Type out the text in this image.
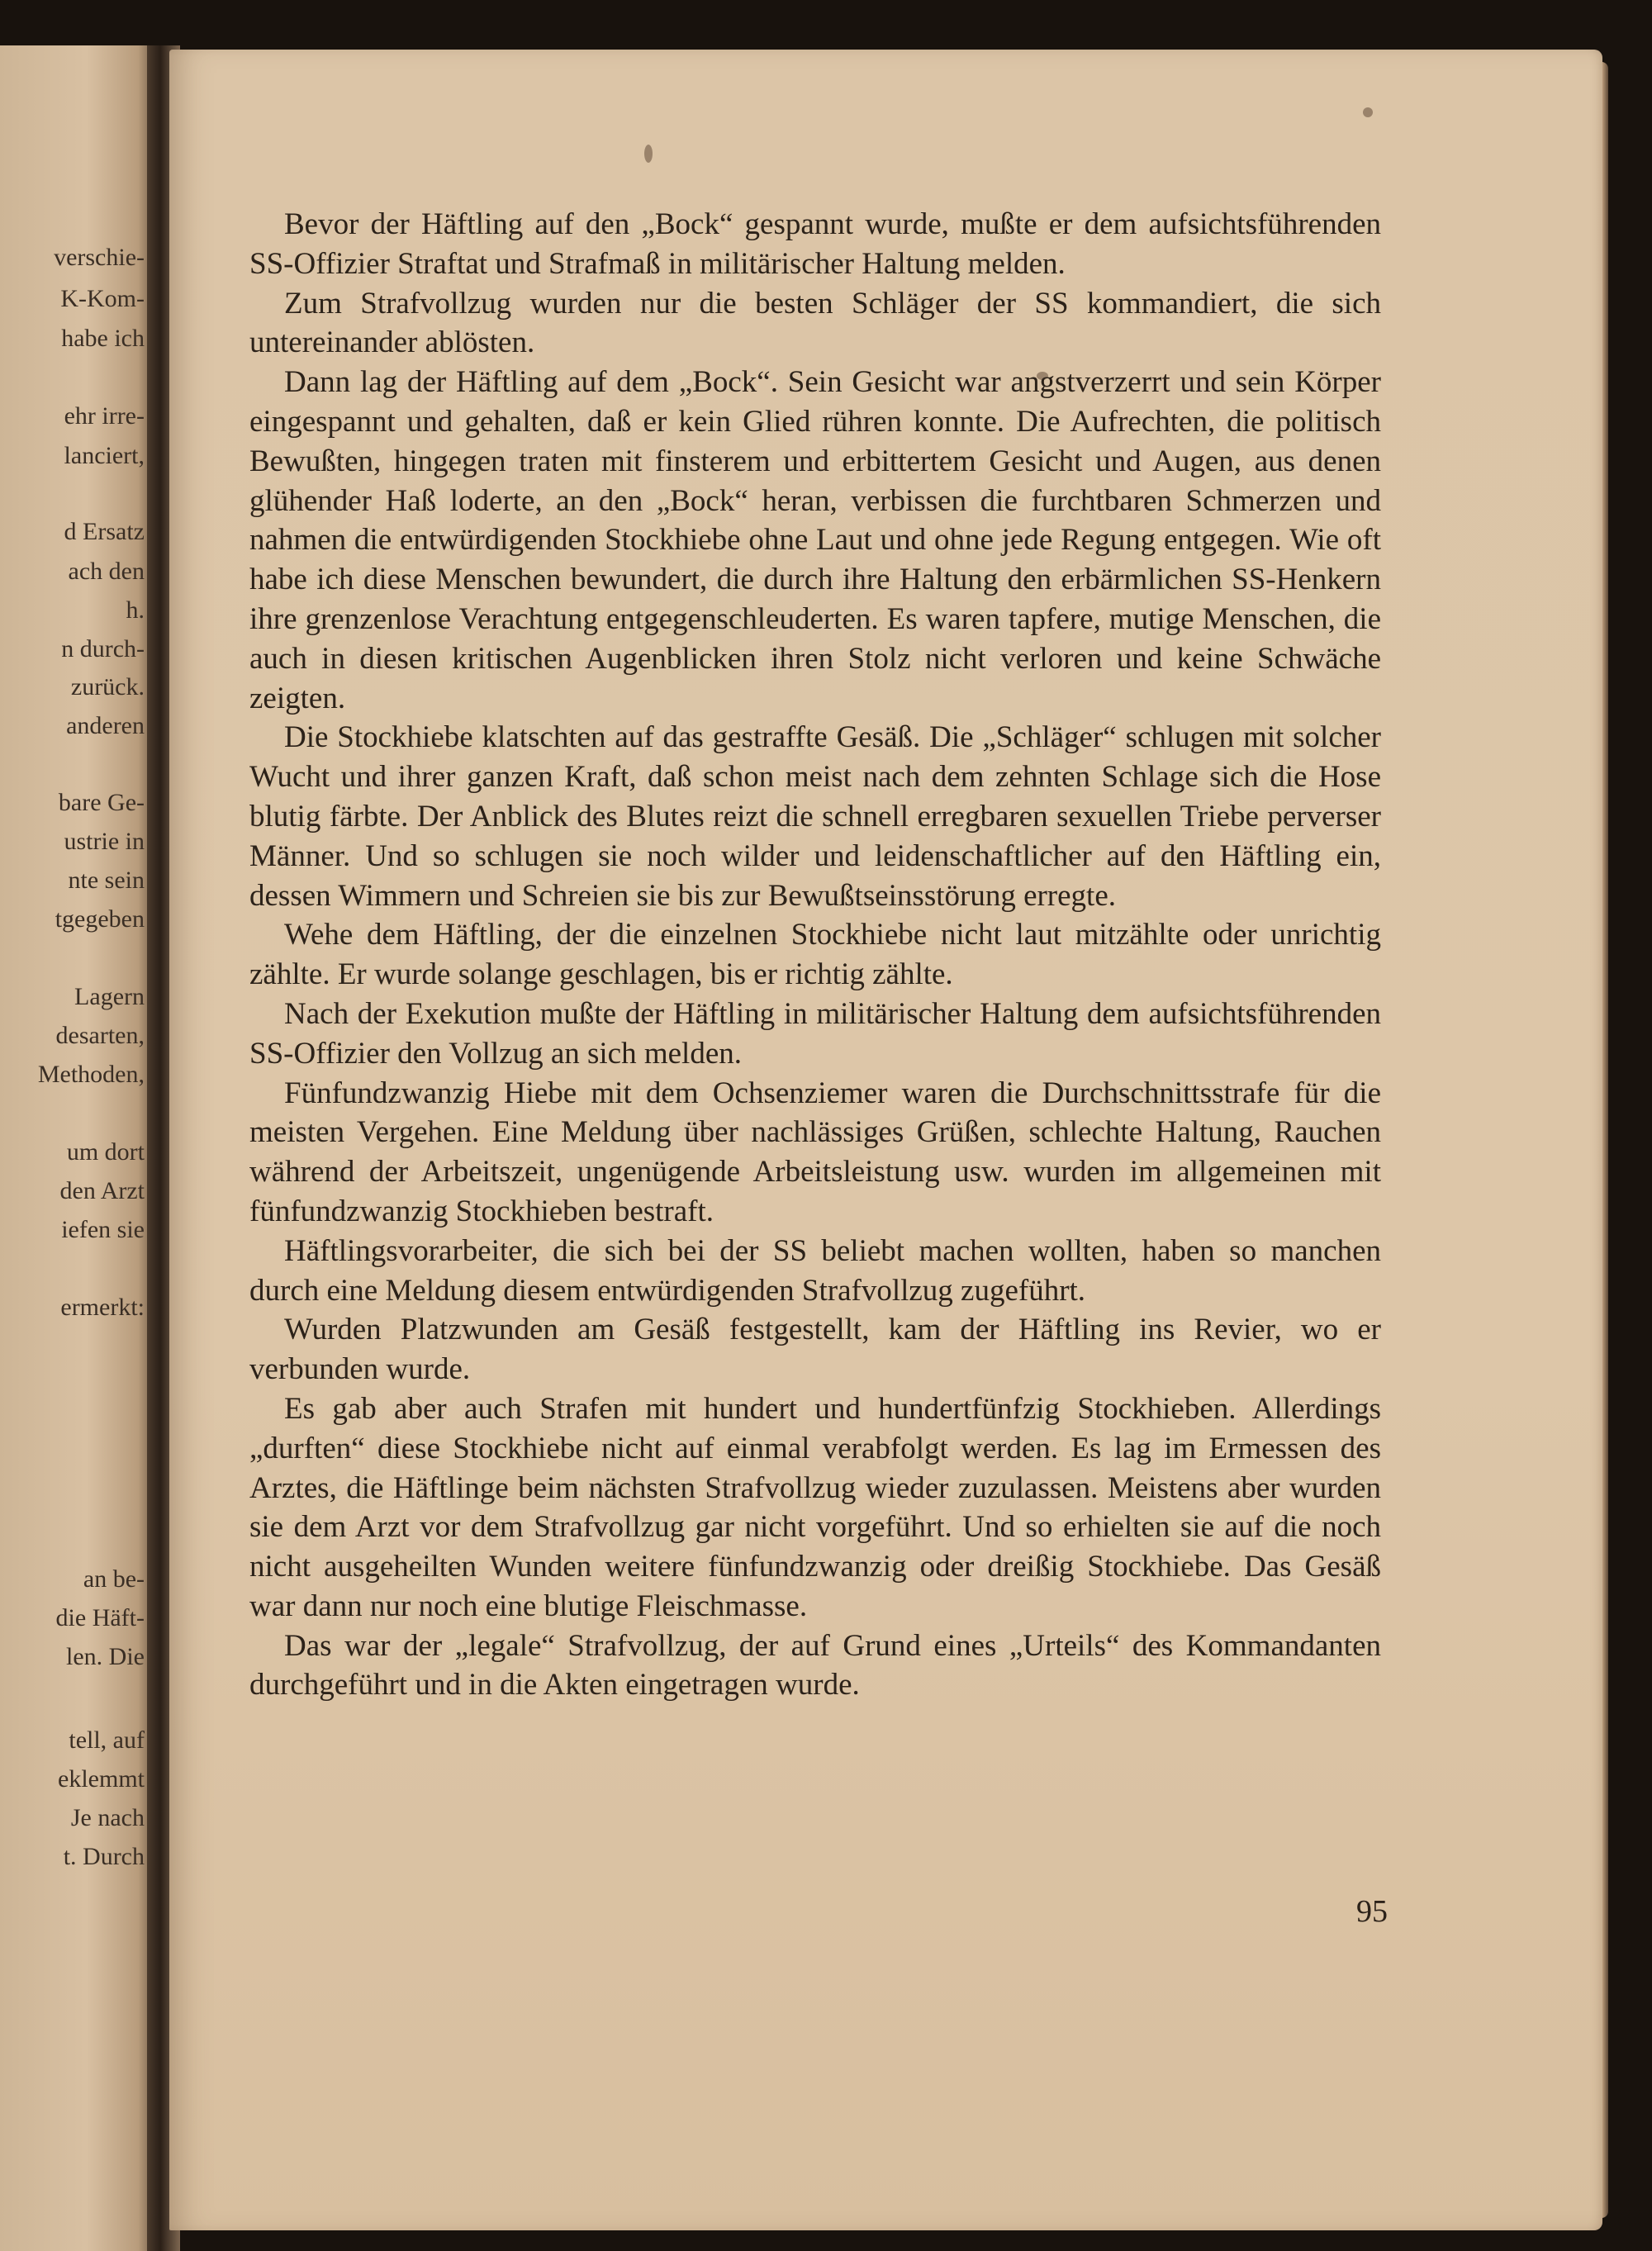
verschie-
K-Kom-
habe ich
ehr irre-
lanciert,
d Ersatz
ach den
h.
n durch-
zurück.
anderen
bare Ge-
ustrie in
nte sein
tgegeben
Lagern
desarten,
Methoden,
um dort
den Arzt
iefen sie
ermerkt:
an be-
die Häft-
len. Die
tell, auf
eklemmt
Je nach
t. Durch

Bevor der Häftling auf den „Bock“ gespannt wurde, mußte er dem aufsichtsführenden SS-Offizier Straftat und Strafmaß in militärischer Haltung melden.

Zum Strafvollzug wurden nur die besten Schläger der SS kommandiert, die sich untereinander ablösten.

Dann lag der Häftling auf dem „Bock“. Sein Gesicht war angstverzerrt und sein Körper eingespannt und gehalten, daß er kein Glied rühren konnte. Die Aufrechten, die politisch Bewußten, hingegen traten mit finsterem und erbittertem Gesicht und Augen, aus denen glühender Haß loderte, an den „Bock“ heran, verbissen die furchtbaren Schmerzen und nahmen die entwürdigenden Stockhiebe ohne Laut und ohne jede Regung entgegen. Wie oft habe ich diese Menschen bewundert, die durch ihre Haltung den erbärmlichen SS-Henkern ihre grenzenlose Verachtung entgegenschleuderten. Es waren tapfere, mutige Menschen, die auch in diesen kritischen Augenblicken ihren Stolz nicht verloren und keine Schwäche zeigten.

Die Stockhiebe klatschten auf das gestraffte Gesäß. Die „Schläger“ schlugen mit solcher Wucht und ihrer ganzen Kraft, daß schon meist nach dem zehnten Schlage sich die Hose blutig färbte. Der Anblick des Blutes reizt die schnell erregbaren sexuellen Triebe perverser Männer. Und so schlugen sie noch wilder und leidenschaftlicher auf den Häftling ein, dessen Wimmern und Schreien sie bis zur Bewußtseinsstörung erregte.

Wehe dem Häftling, der die einzelnen Stockhiebe nicht laut mitzählte oder unrichtig zählte. Er wurde solange geschlagen, bis er richtig zählte.

Nach der Exekution mußte der Häftling in militärischer Haltung dem aufsichtsführenden SS-Offizier den Vollzug an sich melden.

Fünfundzwanzig Hiebe mit dem Ochsenziemer waren die Durchschnittsstrafe für die meisten Vergehen. Eine Meldung über nachlässiges Grüßen, schlechte Haltung, Rauchen während der Arbeitszeit, ungenügende Arbeitsleistung usw. wurden im allgemeinen mit fünfundzwanzig Stockhieben bestraft.

Häftlingsvorarbeiter, die sich bei der SS beliebt machen wollten, haben so manchen durch eine Meldung diesem entwürdigenden Strafvollzug zugeführt.

Wurden Platzwunden am Gesäß festgestellt, kam der Häftling ins Revier, wo er verbunden wurde.

Es gab aber auch Strafen mit hundert und hundertfünfzig Stockhieben. Allerdings „durften“ diese Stockhiebe nicht auf einmal verabfolgt werden. Es lag im Ermessen des Arztes, die Häftlinge beim nächsten Strafvollzug wieder zuzulassen. Meistens aber wurden sie dem Arzt vor dem Strafvollzug gar nicht vorgeführt. Und so erhielten sie auf die noch nicht ausgeheilten Wunden weitere fünfundzwanzig oder dreißig Stockhiebe. Das Gesäß war dann nur noch eine blutige Fleischmasse.

Das war der „legale“ Strafvollzug, der auf Grund eines „Urteils“ des Kommandanten durchgeführt und in die Akten eingetragen wurde.

95
